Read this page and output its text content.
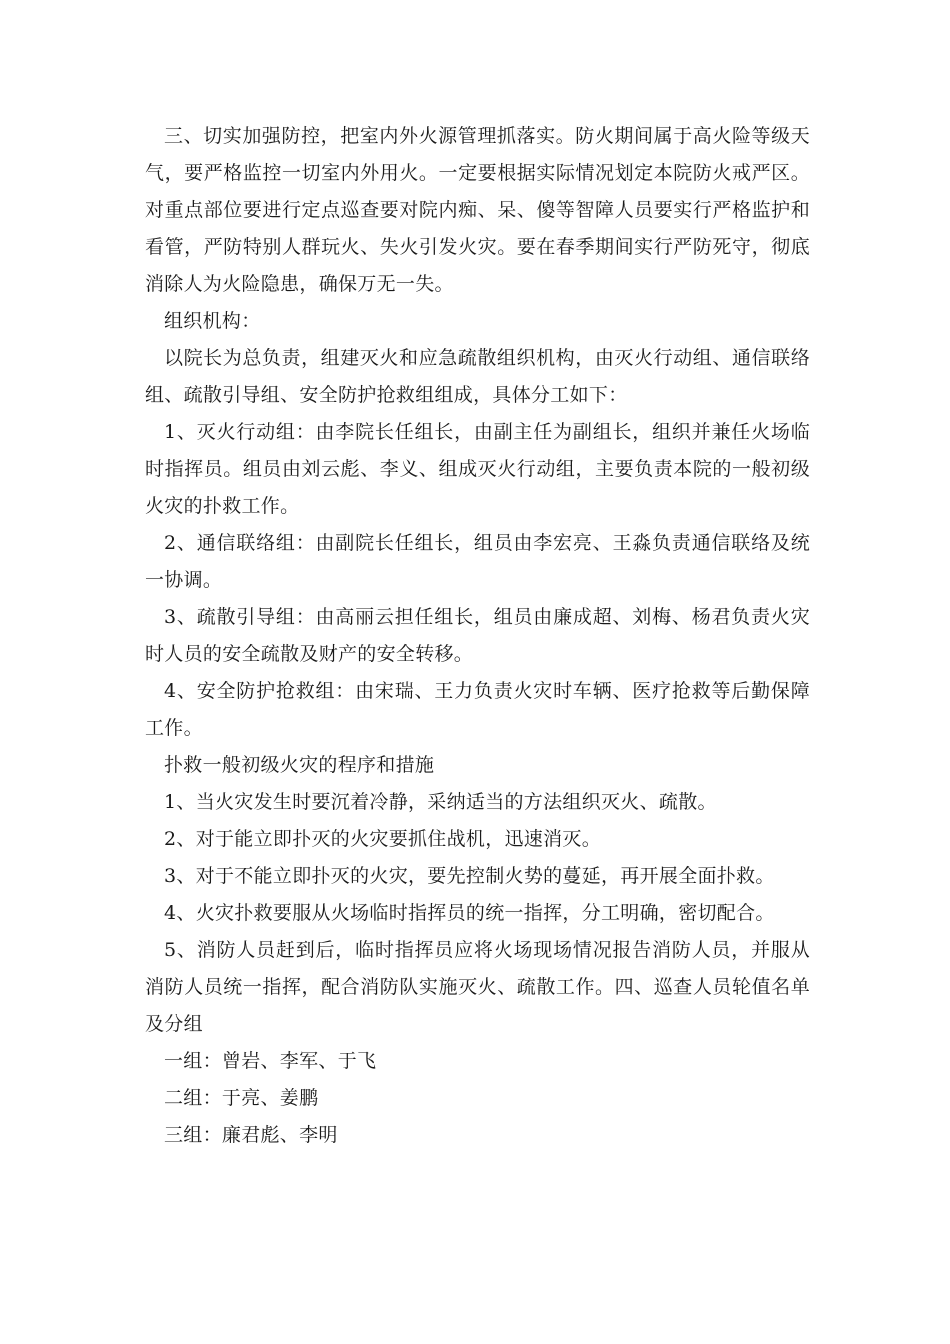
三、切实加强防控，把室内外火源管理抓落实。防火期间属于高火险等级天气，要严格监控一切室内外用火。一定要根据实际情况划定本院防火戒严区。对重点部位要进行定点巡查要对院内痴、呆、傻等智障人员要实行严格监护和看管，严防特别人群玩火、失火引发火灾。要在春季期间实行严防死守，彻底消除人为火险隐患，确保万无一失。

组织机构：

以院长为总负责，组建灭火和应急疏散组织机构，由灭火行动组、通信联络组、疏散引导组、安全防护抢救组组成，具体分工如下：

1、灭火行动组：由李院长任组长，由副主任为副组长，组织并兼任火场临时指挥员。组员由刘云彪、李义、组成灭火行动组，主要负责本院的一般初级火灾的扑救工作。

2、通信联络组：由副院长任组长，组员由李宏亮、王淼负责通信联络及统一协调。

3、疏散引导组：由高丽云担任组长，组员由廉成超、刘梅、杨君负责火灾时人员的安全疏散及财产的安全转移。

4、安全防护抢救组：由宋瑞、王力负责火灾时车辆、医疗抢救等后勤保障工作。

扑救一般初级火灾的程序和措施

1、当火灾发生时要沉着冷静，采纳适当的方法组织灭火、疏散。

2、对于能立即扑灭的火灾要抓住战机，迅速消灭。

3、对于不能立即扑灭的火灾，要先控制火势的蔓延，再开展全面扑救。

4、火灾扑救要服从火场临时指挥员的统一指挥，分工明确，密切配合。

5、消防人员赶到后，临时指挥员应将火场现场情况报告消防人员，并服从消防人员统一指挥，配合消防队实施灭火、疏散工作。四、巡查人员轮值名单及分组

一组：曾岩、李军、于飞

二组：于亮、姜鹏

三组：廉君彪、李明
